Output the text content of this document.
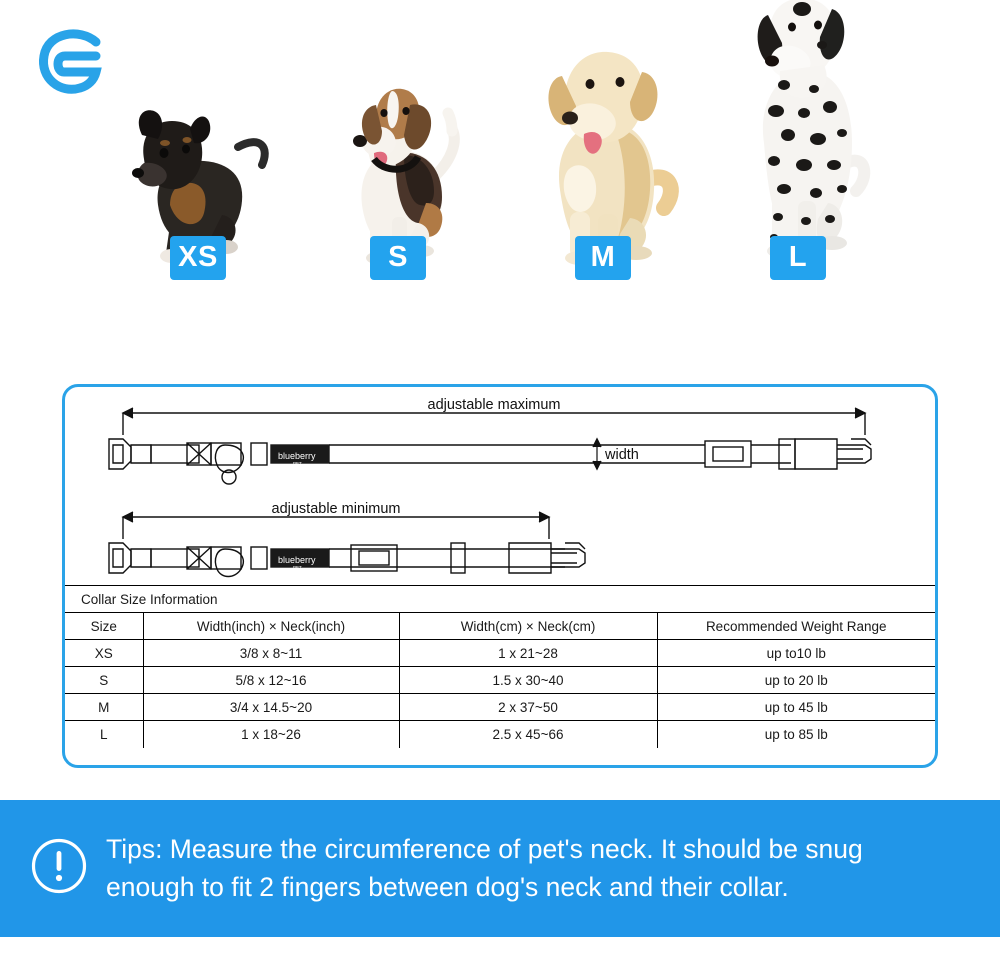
XS	S	M	L
adjustable maximum
adjustable minimum
width
blueberry
PET
blueberry
PET
Collar Size Information			
Size	Width(inch) × Neck(inch)	Width(cm) × Neck(cm)	Recommended Weight Range
XS	3/8 x 8~11	1 x 21~28	up to10 lb
S	5/8 x 12~16	1.5 x 30~40	up to 20 lb
M	3/4 x 14.5~20	2 x 37~50	up to 45 lb
L	1 x 18~26	2.5 x 45~66	up to 85 lb
Tips: Measure the circumference of pet's neck. It should be snug
enough to fit 2 fingers between dog's neck and their collar.
